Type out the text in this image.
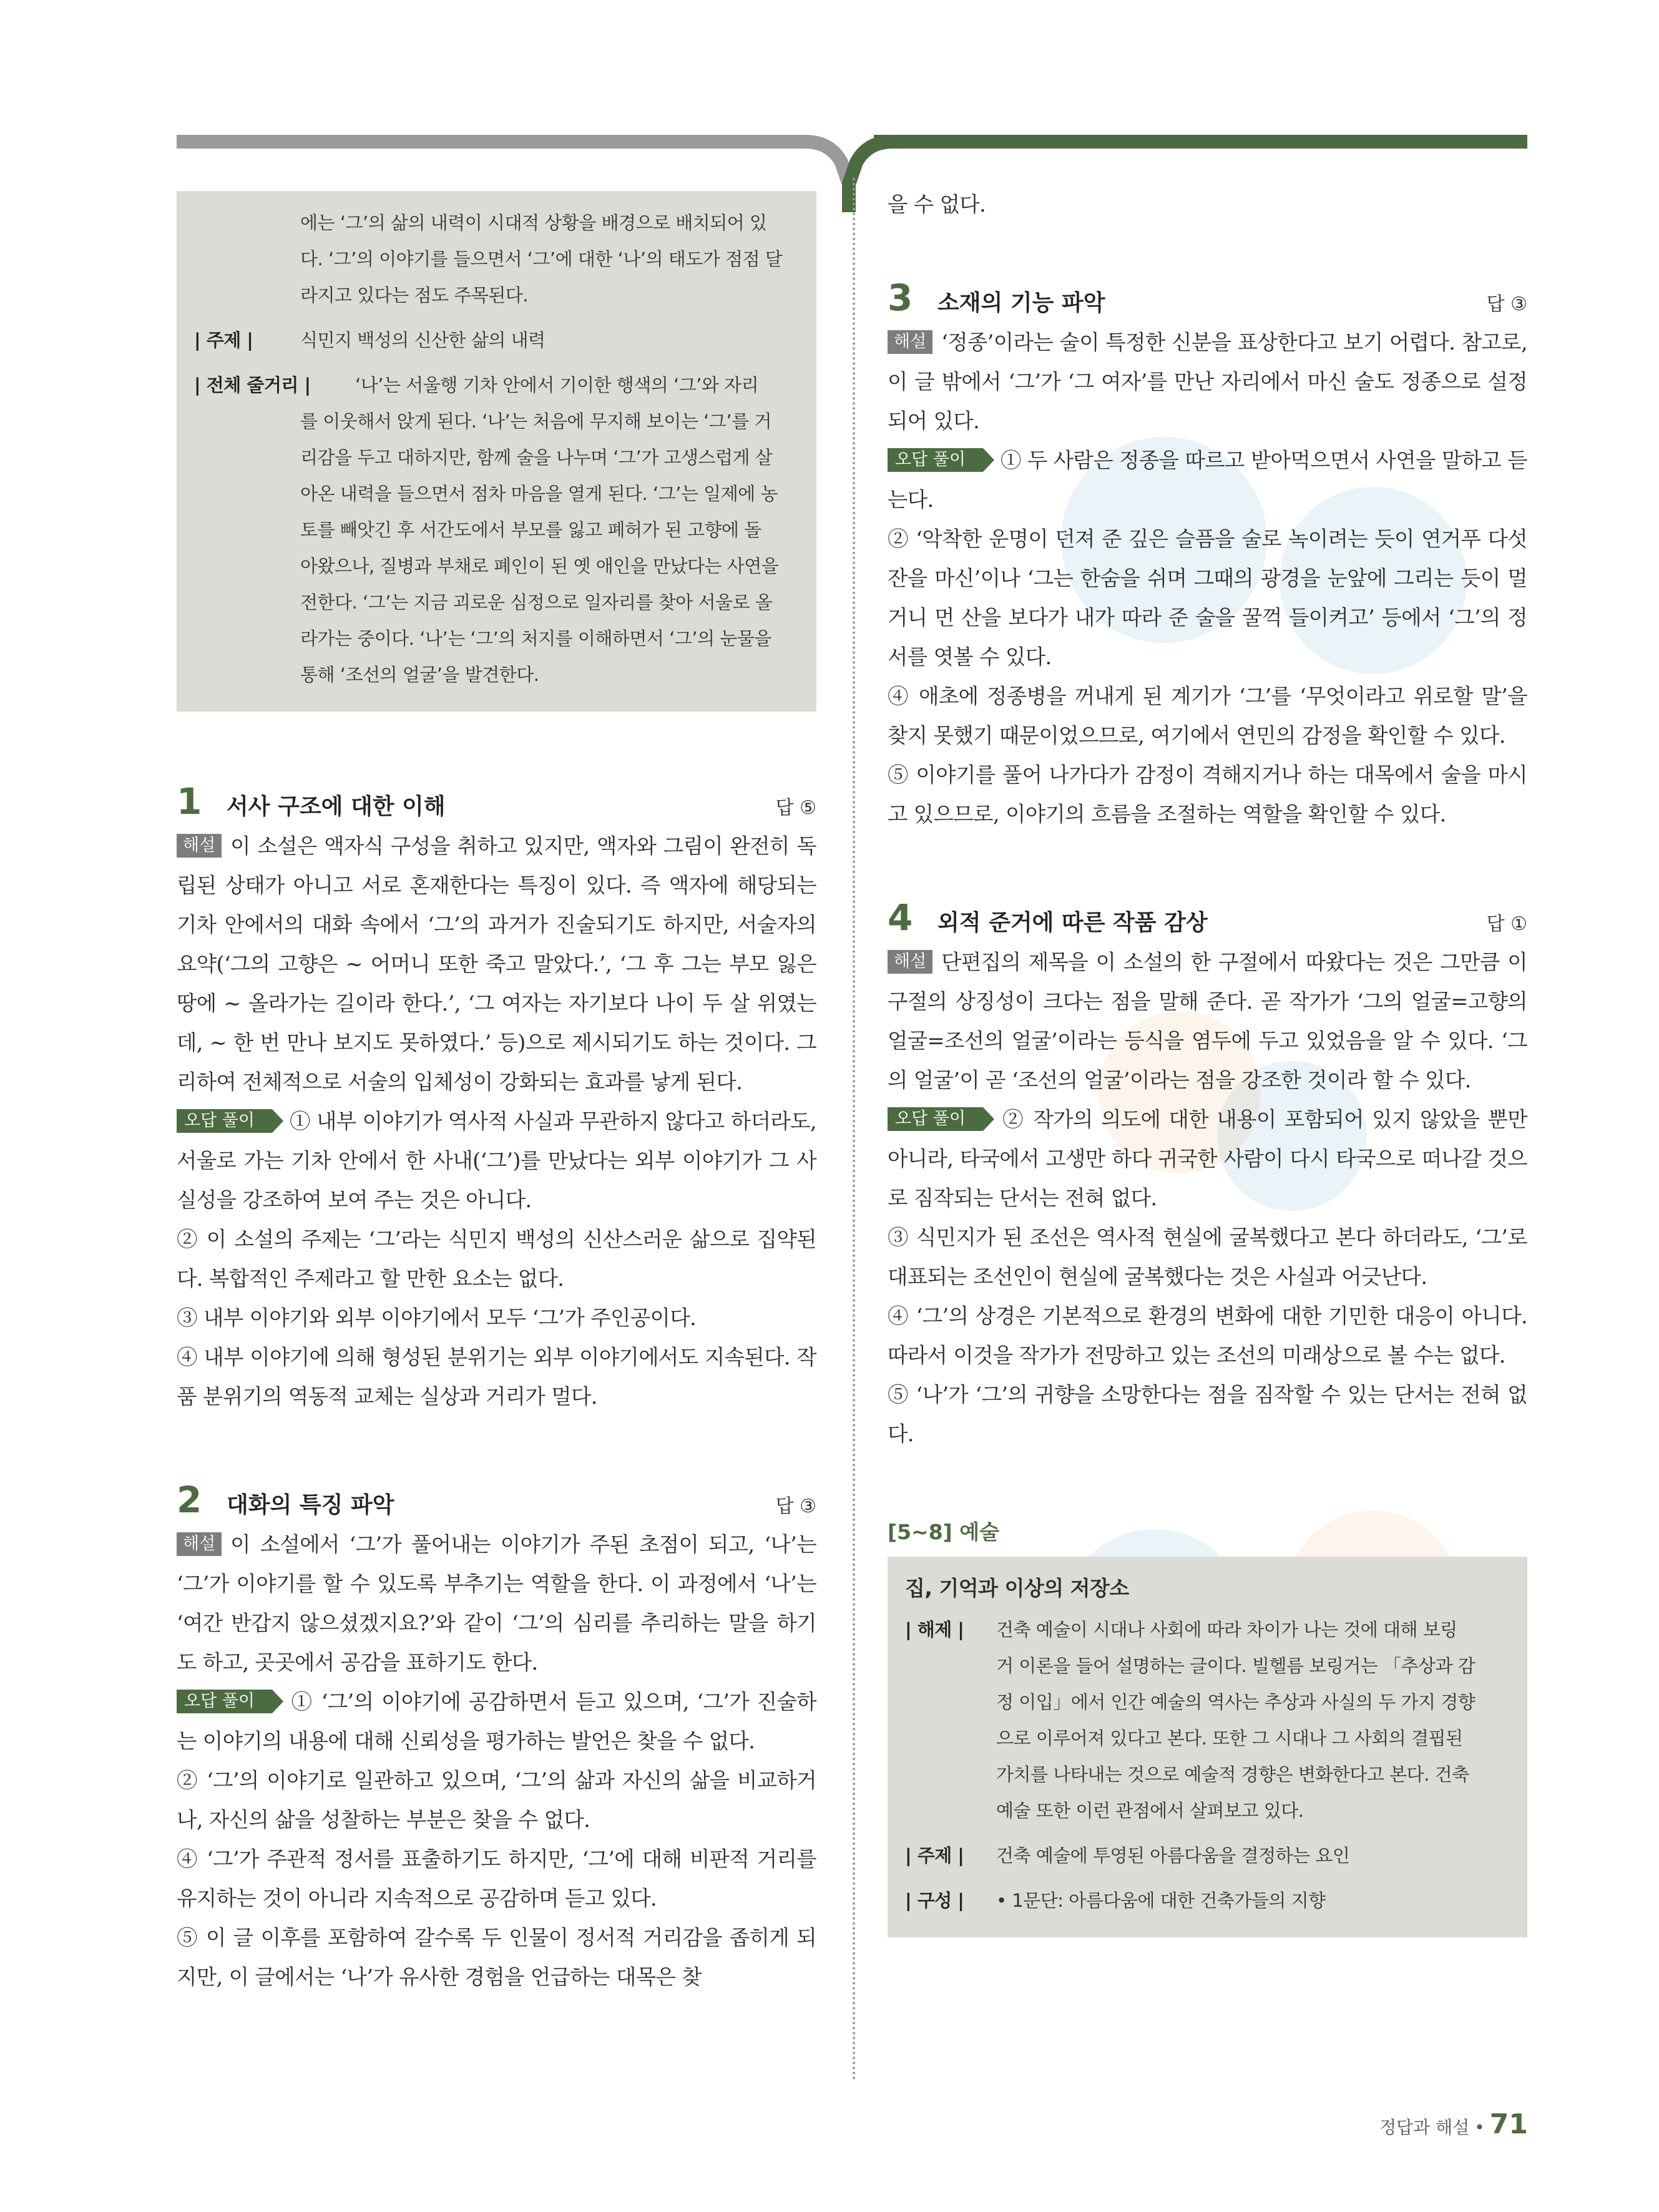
에는 ‘그’의 삶의 내력이 시대적 상황을 배경으로 배치되어 있
다. ‘그’의 이야기를 들으면서 ‘그’에 대한 ‘나’의 태도가 점점 달
라지고 있다는 점도 주목된다.
| 주제 |	식민지 백성의 신산한 삶의 내력
| 전체 줄거리 |	‘나’는 서울행 기차 안에서 기이한 행색의 ‘그’와 자리
를 이웃해서 앉게 된다. ‘나’는 처음에 무지해 보이는 ‘그’를 거
리감을 두고 대하지만, 함께 술을 나누며 ‘그’가 고생스럽게 살
아온 내력을 들으면서 점차 마음을 열게 된다. ‘그’는 일제에 농
토를 빼앗긴 후 서간도에서 부모를 잃고 폐허가 된 고향에 돌
아왔으나, 질병과 부채로 폐인이 된 옛 애인을 만났다는 사연을
전한다. ‘그’는 지금 괴로운 심정으로 일자리를 찾아 서울로 올
라가는 중이다. ‘나’는 ‘그’의 처지를 이해하면서 ‘그’의 눈물을
통해 ‘조선의 얼굴’을 발견한다.
1	서사 구조에 대한 이해	답 ⑤

해설 이 소설은 액자식 구성을 취하고 있지만, 액자와 그림이 완전히 독립된 상태가 아니고 서로 혼재한다는 특징이 있다. 즉 액자에 해당되는 기차 안에서의 대화 속에서 ‘그’의 과거가 진술되기도 하지만, 서술자의 요약(‘그의 고향은 ~ 어머니 또한 죽고 말았다.’, ‘그 후 그는 부모 잃은 땅에 ~ 올라가는 길이라 한다.’, ‘그 여자는 자기보다 나이 두 살 위였는데, ~ 한 번 만나 보지도 못하였다.’ 등)으로 제시되기도 하는 것이다. 그리하여 전체적으로 서술의 입체성이 강화되는 효과를 낳게 된다.

오답 풀이 ① 내부 이야기가 역사적 사실과 무관하지 않다고 하더라도, 서울로 가는 기차 안에서 한 사내(‘그’)를 만났다는 외부 이야기가 그 사실성을 강조하여 보여 주는 것은 아니다.

② 이 소설의 주제는 ‘그’라는 식민지 백성의 신산스러운 삶으로 집약된다. 복합적인 주제라고 할 만한 요소는 없다.

③ 내부 이야기와 외부 이야기에서 모두 ‘그’가 주인공이다.

④ 내부 이야기에 의해 형성된 분위기는 외부 이야기에서도 지속된다. 작품 분위기의 역동적 교체는 실상과 거리가 멀다.

2	대화의 특징 파악	답 ③

해설 이 소설에서 ‘그’가 풀어내는 이야기가 주된 초점이 되고, ‘나’는 ‘그’가 이야기를 할 수 있도록 부추기는 역할을 한다. 이 과정에서 ‘나’는 ‘여간 반갑지 않으셨겠지요?’와 같이 ‘그’의 심리를 추리하는 말을 하기도 하고, 곳곳에서 공감을 표하기도 한다.

오답 풀이 ① ‘그’의 이야기에 공감하면서 듣고 있으며, ‘그’가 진술하는 이야기의 내용에 대해 신뢰성을 평가하는 발언은 찾을 수 없다.

② ‘그’의 이야기로 일관하고 있으며, ‘그’의 삶과 자신의 삶을 비교하거나, 자신의 삶을 성찰하는 부분은 찾을 수 없다.

④ ‘그’가 주관적 정서를 표출하기도 하지만, ‘그’에 대해 비판적 거리를 유지하는 것이 아니라 지속적으로 공감하며 듣고 있다.

⑤ 이 글 이후를 포함하여 갈수록 두 인물이 정서적 거리감을 좁히게 되지만, 이 글에서는 ‘나’가 유사한 경험을 언급하는 대목은 찾

을 수 없다.

3	소재의 기능 파악	답 ③

해설 ‘정종’이라는 술이 특정한 신분을 표상한다고 보기 어렵다. 참고로, 이 글 밖에서 ‘그’가 ‘그 여자’를 만난 자리에서 마신 술도 정종으로 설정되어 있다.

오답 풀이 ① 두 사람은 정종을 따르고 받아먹으면서 사연을 말하고 듣는다.

② ‘악착한 운명이 던져 준 깊은 슬픔을 술로 녹이려는 듯이 연거푸 다섯 잔을 마신’이나 ‘그는 한숨을 쉬며 그때의 광경을 눈앞에 그리는 듯이 멀거니 먼 산을 보다가 내가 따라 준 술을 꿀꺽 들이켜고’ 등에서 ‘그’의 정서를 엿볼 수 있다.

④ 애초에 정종병을 꺼내게 된 계기가 ‘그’를 ‘무엇이라고 위로할 말’을 찾지 못했기 때문이었으므로, 여기에서 연민의 감정을 확인할 수 있다.

⑤ 이야기를 풀어 나가다가 감정이 격해지거나 하는 대목에서 술을 마시고 있으므로, 이야기의 흐름을 조절하는 역할을 확인할 수 있다.

4	외적 준거에 따른 작품 감상	답 ①

해설 단편집의 제목을 이 소설의 한 구절에서 따왔다는 것은 그만큼 이 구절의 상징성이 크다는 점을 말해 준다. 곧 작가가 ‘그의 얼굴=고향의 얼굴=조선의 얼굴’이라는 등식을 염두에 두고 있었음을 알 수 있다. ‘그의 얼굴’이 곧 ‘조선의 얼굴’이라는 점을 강조한 것이라 할 수 있다.

오답 풀이 ② 작가의 의도에 대한 내용이 포함되어 있지 않았을 뿐만 아니라, 타국에서 고생만 하다 귀국한 사람이 다시 타국으로 떠나갈 것으로 짐작되는 단서는 전혀 없다.

③ 식민지가 된 조선은 역사적 현실에 굴복했다고 본다 하더라도, ‘그’로 대표되는 조선인이 현실에 굴복했다는 것은 사실과 어긋난다.

④ ‘그’의 상경은 기본적으로 환경의 변화에 대한 기민한 대응이 아니다. 따라서 이것을 작가가 전망하고 있는 조선의 미래상으로 볼 수는 없다.

⑤ ‘나’가 ‘그’의 귀향을 소망한다는 점을 짐작할 수 있는 단서는 전혀 없다.

[5~8] 예술
집, 기억과 이상의 저장소
| 해제 |	건축 예술이 시대나 사회에 따라 차이가 나는 것에 대해 보링
거 이론을 들어 설명하는 글이다. 빌헬름 보링거는 「추상과 감
정 이입」에서 인간 예술의 역사는 추상과 사실의 두 가지 경향
으로 이루어져 있다고 본다. 또한 그 시대나 그 사회의 결핍된
가치를 나타내는 것으로 예술적 경향은 변화한다고 본다. 건축
예술 또한 이런 관점에서 살펴보고 있다.
| 주제 |	건축 예술에 투영된 아름다움을 결정하는 요인
| 구성 |	• 1문단: 아름다움에 대한 건축가들의 지향
정답과 해설 • 71
